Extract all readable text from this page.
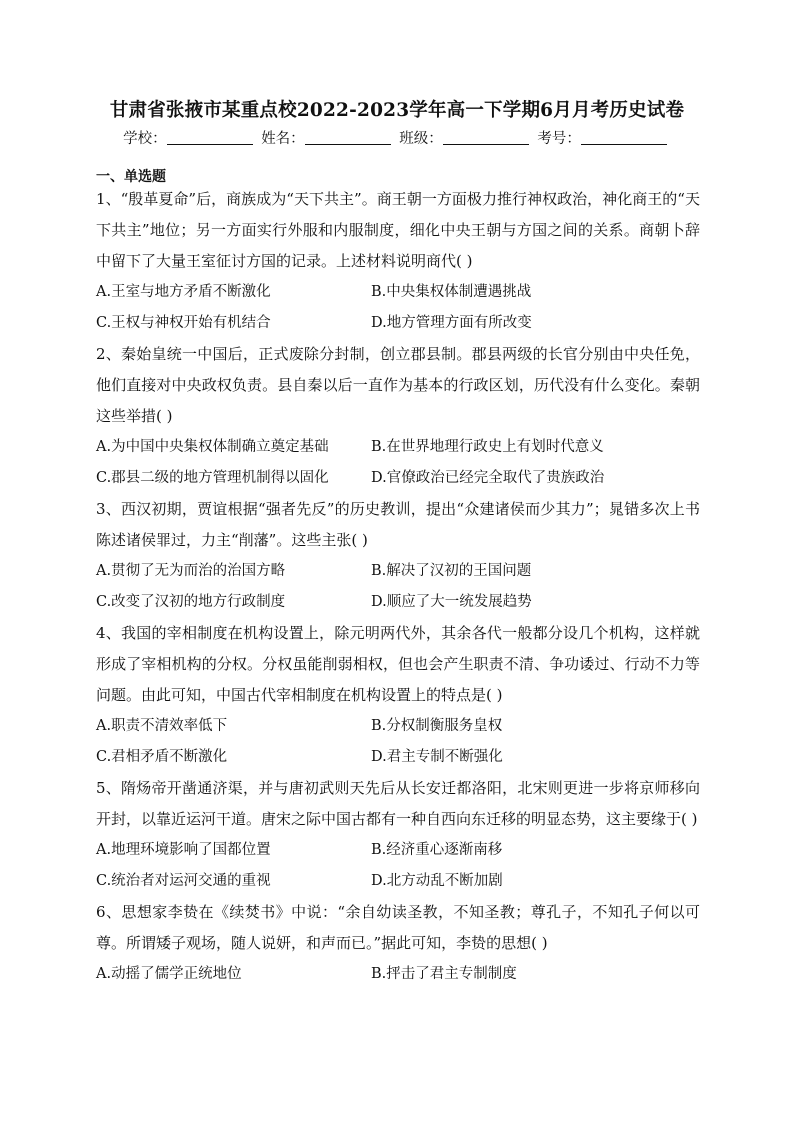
甘肃省张掖市某重点校2022-2023学年高一下学期6月月考历史试卷
学校：	姓名：	班级：	考号：
一、单选题

1、“殷革夏命”后，商族成为“天下共主”。商王朝一方面极力推行神权政治，神化商王的“天下共主”地位；另一方面实行外服和内服制度，细化中央王朝与方国之间的关系。商朝卜辞中留下了大量王室征讨方国的记录。上述材料说明商代( )

A.王室与地方矛盾不断激化	B.中央集权体制遭遇挑战
C.王权与神权开始有机结合	D.地方管理方面有所改变

2、秦始皇统一中国后，正式废除分封制，创立郡县制。郡县两级的长官分别由中央任免，他们直接对中央政权负责。县自秦以后一直作为基本的行政区划，历代没有什么变化。秦朝这些举措( )

A.为中国中央集权体制确立奠定基础	B.在世界地理行政史上有划时代意义
C.郡县二级的地方管理机制得以固化	D.官僚政治已经完全取代了贵族政治

3、西汉初期，贾谊根据“强者先反”的历史教训，提出“众建诸侯而少其力”；晁错多次上书陈述诸侯罪过，力主“削藩”。这些主张( )

A.贯彻了无为而治的治国方略	B.解决了汉初的王国问题
C.改变了汉初的地方行政制度	D.顺应了大一统发展趋势

4、我国的宰相制度在机构设置上，除元明两代外，其余各代一般都分设几个机构，这样就形成了宰相机构的分权。分权虽能削弱相权，但也会产生职责不清、争功诿过、行动不力等问题。由此可知，中国古代宰相制度在机构设置上的特点是( )

A.职责不清效率低下	B.分权制衡服务皇权
C.君相矛盾不断激化	D.君主专制不断强化

5、隋炀帝开凿通济渠，并与唐初武则天先后从长安迁都洛阳，北宋则更进一步将京师移向开封，以靠近运河干道。唐宋之际中国古都有一种自西向东迁移的明显态势，这主要缘于( )

A.地理环境影响了国都位置	B.经济重心逐渐南移
C.统治者对运河交通的重视	D.北方动乱不断加剧

6、思想家李贽在《续焚书》中说：“余自幼读圣教，不知圣教；尊孔子，不知孔子何以可尊。所谓矮子观场，随人说妍，和声而已。”据此可知，李贽的思想( )

A.动摇了儒学正统地位	B.抨击了君主专制制度
